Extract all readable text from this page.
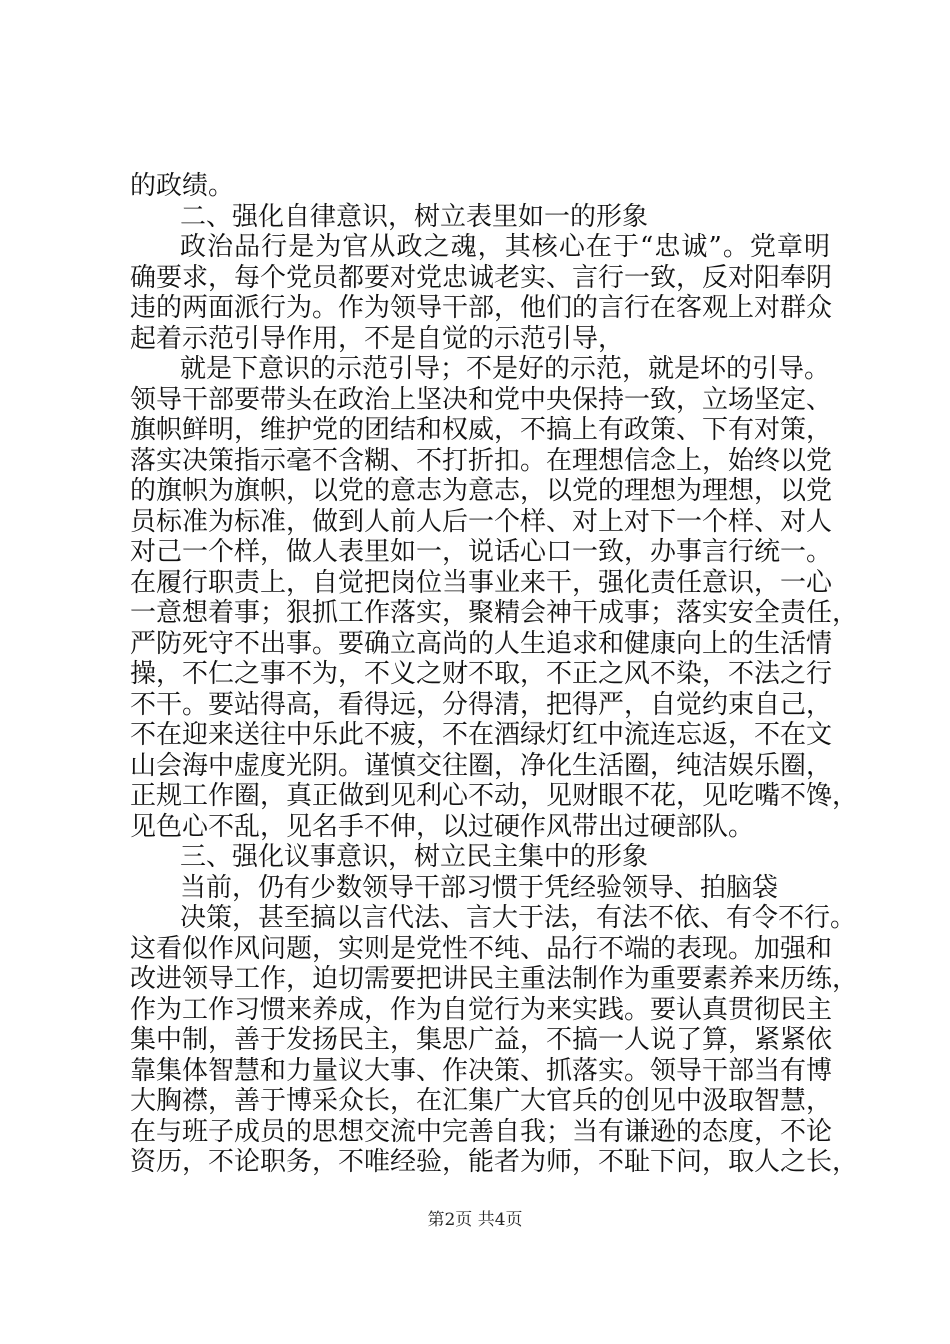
的政绩。
二、强化自律意识，树立表里如一的形象
政治品行是为官从政之魂，其核心在于“忠诚”。党章明
确要求，每个党员都要对党忠诚老实、言行一致，反对阳奉阴
违的两面派行为。作为领导干部，他们的言行在客观上对群众
起着示范引导作用，不是自觉的示范引导，
就是下意识的示范引导；不是好的示范，就是坏的引导。
领导干部要带头在政治上坚决和党中央保持一致，立场坚定、
旗帜鲜明，维护党的团结和权威，不搞上有政策、下有对策，
落实决策指示毫不含糊、不打折扣。在理想信念上，始终以党
的旗帜为旗帜，以党的意志为意志，以党的理想为理想，以党
员标准为标准，做到人前人后一个样、对上对下一个样、对人
对己一个样，做人表里如一，说话心口一致，办事言行统一。
在履行职责上，自觉把岗位当事业来干，强化责任意识，一心
一意想着事；狠抓工作落实，聚精会神干成事；落实安全责任，
严防死守不出事。要确立高尚的人生追求和健康向上的生活情
操，不仁之事不为，不义之财不取，不正之风不染，不法之行
不干。要站得高，看得远，分得清，把得严，自觉约束自己，
不在迎来送往中乐此不疲，不在酒绿灯红中流连忘返，不在文
山会海中虚度光阴。谨慎交往圈，净化生活圈，纯洁娱乐圈，
正规工作圈，真正做到见利心不动，见财眼不花，见吃嘴不馋，
见色心不乱，见名手不伸，以过硬作风带出过硬部队。
三、强化议事意识，树立民主集中的形象
当前，仍有少数领导干部习惯于凭经验领导、拍脑袋
决策，甚至搞以言代法、言大于法，有法不依、有令不行。
这看似作风问题，实则是党性不纯、品行不端的表现。加强和
改进领导工作，迫切需要把讲民主重法制作为重要素养来历练，
作为工作习惯来养成，作为自觉行为来实践。要认真贯彻民主
集中制，善于发扬民主，集思广益，不搞一人说了算，紧紧依
靠集体智慧和力量议大事、作决策、抓落实。领导干部当有博
大胸襟，善于博采众长，在汇集广大官兵的创见中汲取智慧，
在与班子成员的思想交流中完善自我；当有谦逊的态度，不论
资历，不论职务，不唯经验，能者为师，不耻下问，取人之长，
第2页 共4页
